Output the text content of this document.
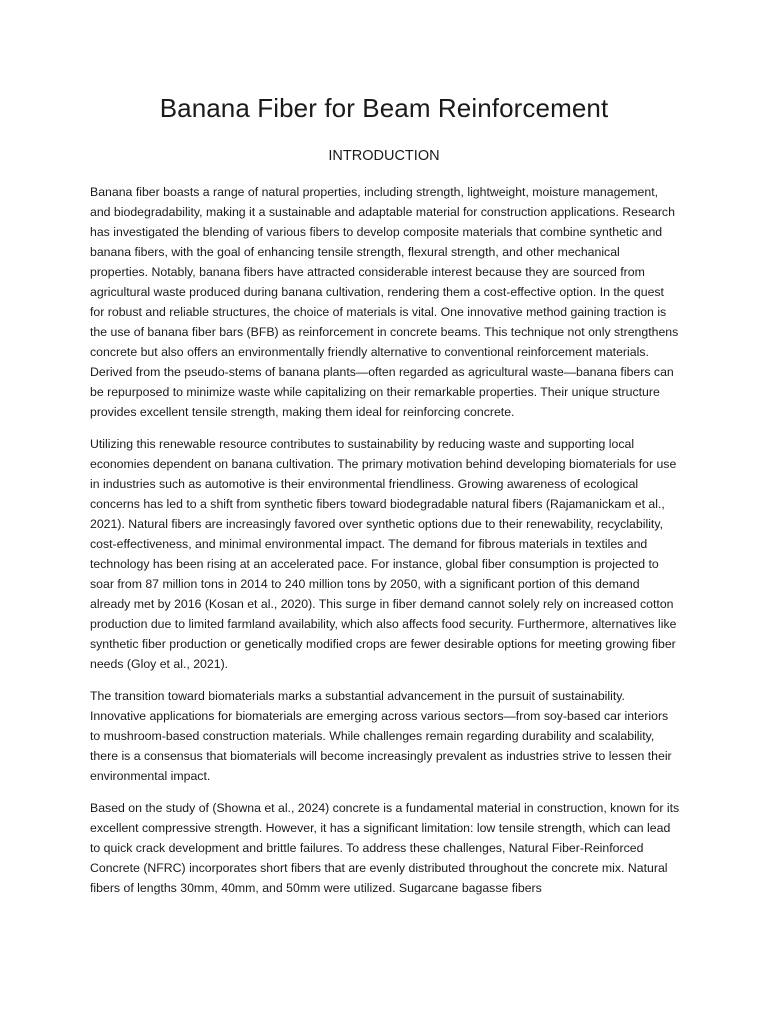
Banana Fiber for Beam Reinforcement
INTRODUCTION

Banana fiber boasts a range of natural properties, including strength, lightweight, moisture management, and biodegradability, making it a sustainable and adaptable material for construction applications. Research has investigated the blending of various fibers to develop composite materials that combine synthetic and banana fibers, with the goal of enhancing tensile strength, flexural strength, and other mechanical properties. Notably, banana fibers have attracted considerable interest because they are sourced from agricultural waste produced during banana cultivation, rendering them a cost-effective option. In the quest for robust and reliable structures, the choice of materials is vital. One innovative method gaining traction is the use of banana fiber bars (BFB) as reinforcement in concrete beams. This technique not only strengthens concrete but also offers an environmentally friendly alternative to conventional reinforcement materials. Derived from the pseudo-stems of banana plants—often regarded as agricultural waste—banana fibers can be repurposed to minimize waste while capitalizing on their remarkable properties. Their unique structure provides excellent tensile strength, making them ideal for reinforcing concrete.

Utilizing this renewable resource contributes to sustainability by reducing waste and supporting local economies dependent on banana cultivation. The primary motivation behind developing biomaterials for use in industries such as automotive is their environmental friendliness. Growing awareness of ecological concerns has led to a shift from synthetic fibers toward biodegradable natural fibers (Rajamanickam et al., 2021). Natural fibers are increasingly favored over synthetic options due to their renewability, recyclability, cost-effectiveness, and minimal environmental impact. The demand for fibrous materials in textiles and technology has been rising at an accelerated pace. For instance, global fiber consumption is projected to soar from 87 million tons in 2014 to 240 million tons by 2050, with a significant portion of this demand already met by 2016 (Kosan et al., 2020). This surge in fiber demand cannot solely rely on increased cotton production due to limited farmland availability, which also affects food security. Furthermore, alternatives like synthetic fiber production or genetically modified crops are fewer desirable options for meeting growing fiber needs (Gloy et al., 2021).

The transition toward biomaterials marks a substantial advancement in the pursuit of sustainability. Innovative applications for biomaterials are emerging across various sectors—from soy-based car interiors to mushroom-based construction materials. While challenges remain regarding durability and scalability, there is a consensus that biomaterials will become increasingly prevalent as industries strive to lessen their environmental impact.

Based on the study of (Showna et al., 2024) concrete is a fundamental material in construction, known for its excellent compressive strength. However, it has a significant limitation: low tensile strength, which can lead to quick crack development and brittle failures. To address these challenges, Natural Fiber-Reinforced Concrete (NFRC) incorporates short fibers that are evenly distributed throughout the concrete mix. Natural fibers of lengths 30mm, 40mm, and 50mm were utilized. Sugarcane bagasse fibers
